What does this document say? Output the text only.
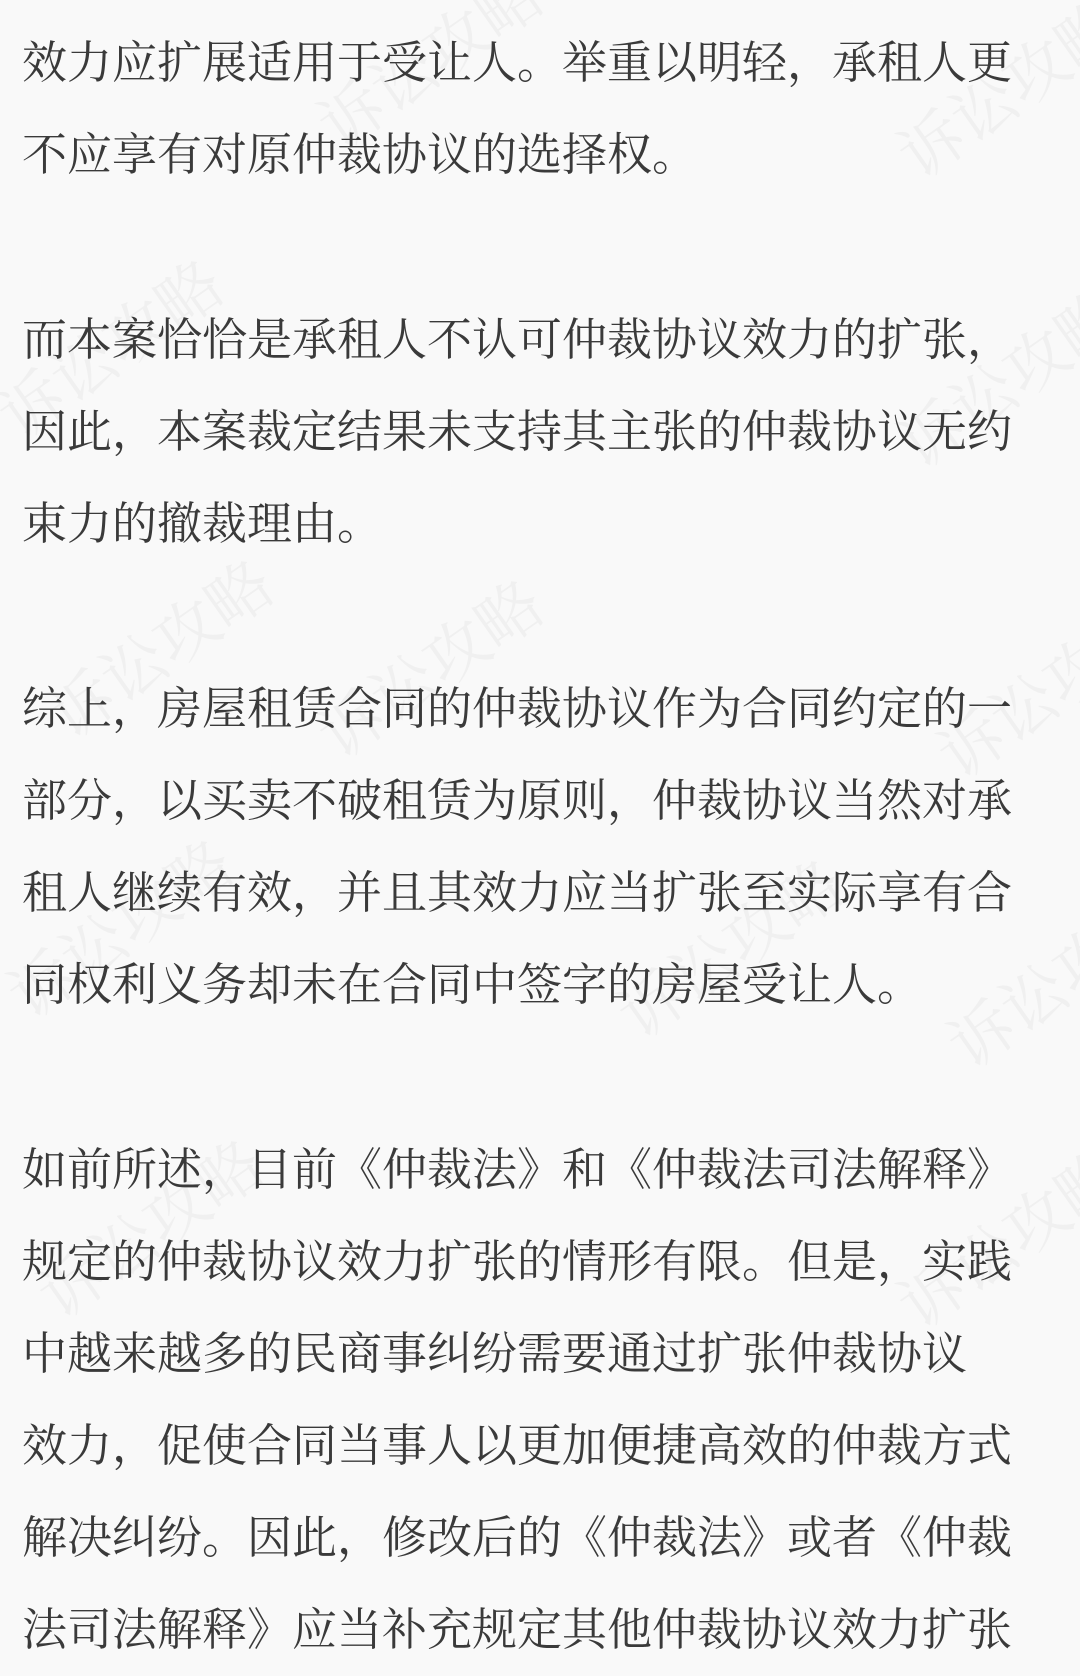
效力应扩展适用于受让人。举重以明轻，承租人更
不应享有对原仲裁协议的选择权。
而本案恰恰是承租人不认可仲裁协议效力的扩张，
因此，本案裁定结果未支持其主张的仲裁协议无约
束力的撤裁理由。
综上，房屋租赁合同的仲裁协议作为合同约定的一
部分，以买卖不破租赁为原则，仲裁协议当然对承
租人继续有效，并且其效力应当扩张至实际享有合
同权利义务却未在合同中签字的房屋受让人。
如前所述，目前《仲裁法》和《仲裁法司法解释》
规定的仲裁协议效力扩张的情形有限。但是，实践
中越来越多的民商事纠纷需要通过扩张仲裁协议
效力，促使合同当事人以更加便捷高效的仲裁方式
解决纠纷。因此，修改后的《仲裁法》或者《仲裁
法司法解释》应当补充规定其他仲裁协议效力扩张
